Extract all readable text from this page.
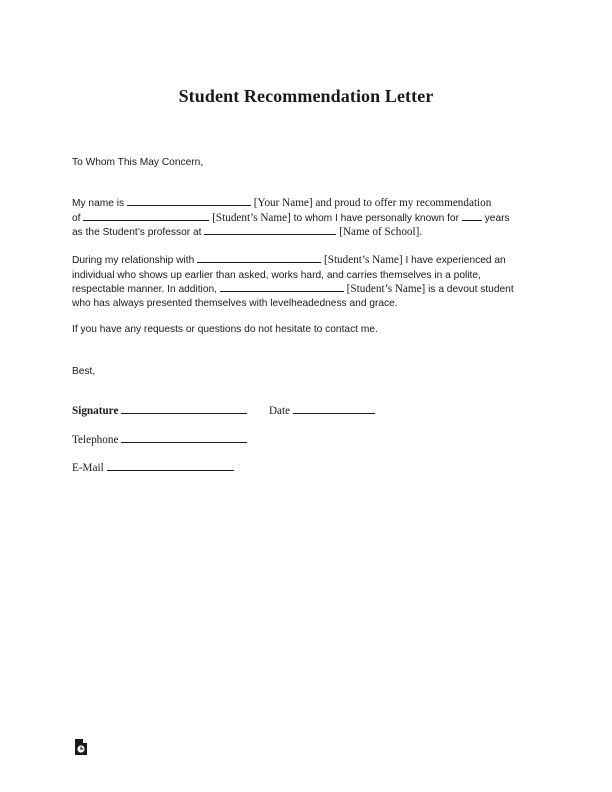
Student Recommendation Letter
To Whom This May Concern,
My name is	[Your Name] and proud to offer my recommendation
of	[Student’s Name] to whom I have personally known for	years
as the Student’s professor at	[Name of School].
During my relationship with	[Student’s Name] I have experienced an
individual who shows up earlier than asked, works hard, and carries themselves in a polite,
respectable manner. In addition,	[Student’s Name] is a devout student
who has always presented themselves with levelheadedness and grace.
If you have any requests or questions do not hesitate to contact me.
Best,
Signature	Date
Telephone
E-Mail
